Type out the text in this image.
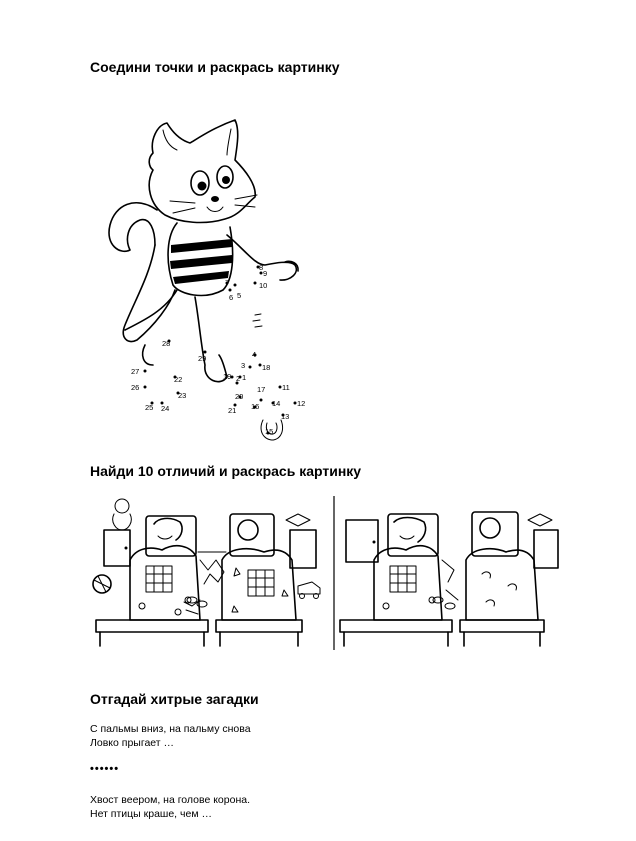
Соедини точки и раскрась картинку
5
6
7
8
9
10
28
29
3
4
18
1
2
19
20
21
17 11
14 12
13
15
16
22
23
24
25
26
27
Найди 10 отличий и раскрась картинку
Отгадай хитрые загадки
С пальмы вниз, на пальму снова
Ловко прыгает …
••••••
Хвост веером, на голове корона.
Нет птицы краше, чем …
